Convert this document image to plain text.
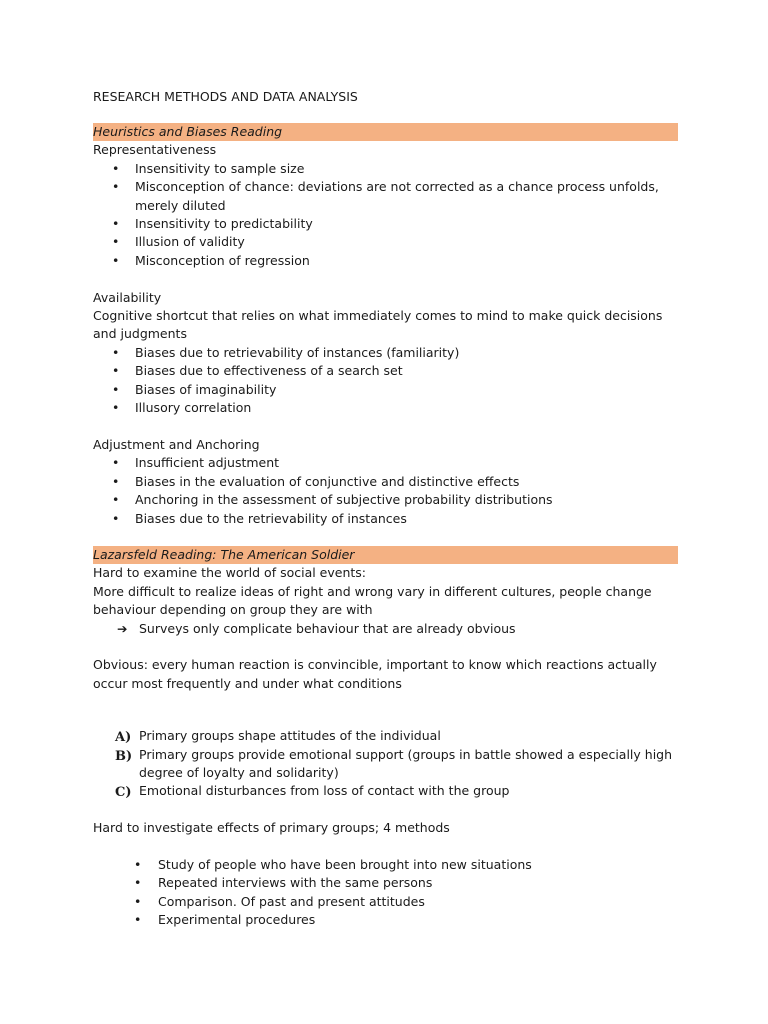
RESEARCH METHODS AND DATA ANALYSIS

Heuristics and Biases Reading

Representativeness

• Insensitivity to sample size
• Misconception of chance: deviations are not corrected as a chance process unfolds, merely diluted
• Insensitivity to predictability
• Illusion of validity
• Misconception of regression

Availability

Cognitive shortcut that relies on what immediately comes to mind to make quick decisions and judgments

• Biases due to retrievability of instances (familiarity)
• Biases due to effectiveness of a search set
• Biases of imaginability
• Illusory correlation

Adjustment and Anchoring

• Insufficient adjustment
• Biases in the evaluation of conjunctive and distinctive effects
• Anchoring in the assessment of subjective probability distributions
• Biases due to the retrievability of instances

Lazarsfeld Reading: The American Soldier

Hard to examine the world of social events:

More difficult to realize ideas of right and wrong vary in different cultures, people change behaviour depending on group they are with

➔ Surveys only complicate behaviour that are already obvious

Obvious: every human reaction is convincible, important to know which reactions actually occur most frequently and under what conditions

A) Primary groups shape attitudes of the individual
B) Primary groups provide emotional support (groups in battle showed a especially high degree of loyalty and solidarity)
C) Emotional disturbances from loss of contact with the group

Hard to investigate effects of primary groups; 4 methods

• Study of people who have been brought into new situations
• Repeated interviews with the same persons
• Comparison. Of past and present attitudes
• Experimental procedures
